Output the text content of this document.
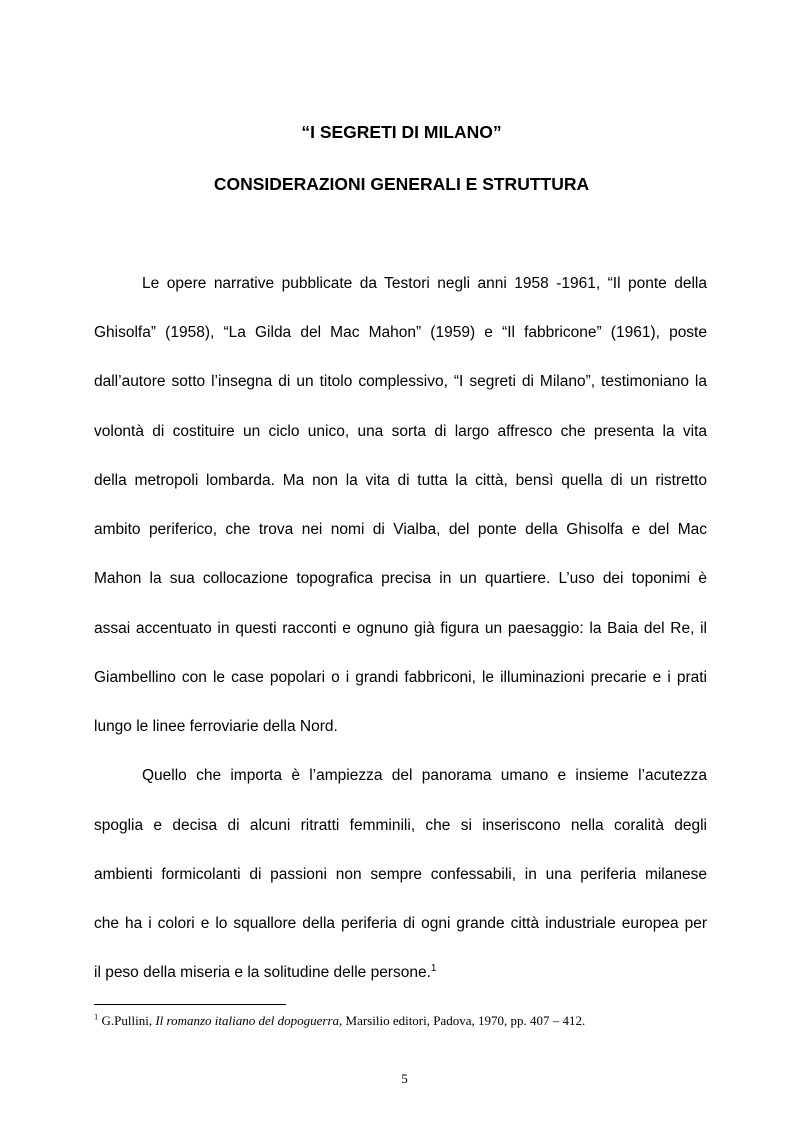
“I SEGRETI DI MILANO”
CONSIDERAZIONI GENERALI E STRUTTURA
Le opere narrative pubblicate da Testori negli anni 1958 -1961, “Il ponte della
Ghisolfa” (1958), “La Gilda del Mac Mahon” (1959) e “Il fabbricone” (1961), poste
dall’autore sotto l’insegna di un titolo complessivo, “I segreti di Milano”, testimoniano la
volontà di costituire un ciclo unico, una sorta di largo affresco che presenta la vita
della metropoli lombarda. Ma non la vita di tutta la città, bensì quella di un ristretto
ambito periferico, che trova nei nomi di Vialba, del ponte della Ghisolfa e del Mac
Mahon la sua collocazione topografica precisa in un quartiere. L’uso dei toponimi è
assai accentuato in questi racconti e ognuno già figura un paesaggio: la Baia del Re, il
Giambellino con le case popolari o i grandi fabbriconi, le illuminazioni precarie e i prati
lungo le linee ferroviarie della Nord.
Quello che importa è l’ampiezza del panorama umano e insieme l’acutezza
spoglia e decisa di alcuni ritratti femminili, che si inseriscono nella coralità degli
ambienti formicolanti di passioni non sempre confessabili, in una periferia milanese
che ha i colori e lo squallore della periferia di ogni grande città industriale europea per
il peso della miseria e la solitudine delle persone.$^1$
$^1$ G.Pullini, Il romanzo italiano del dopoguerra, Marsilio editori, Padova, 1970, pp. 407 – 412.
5
